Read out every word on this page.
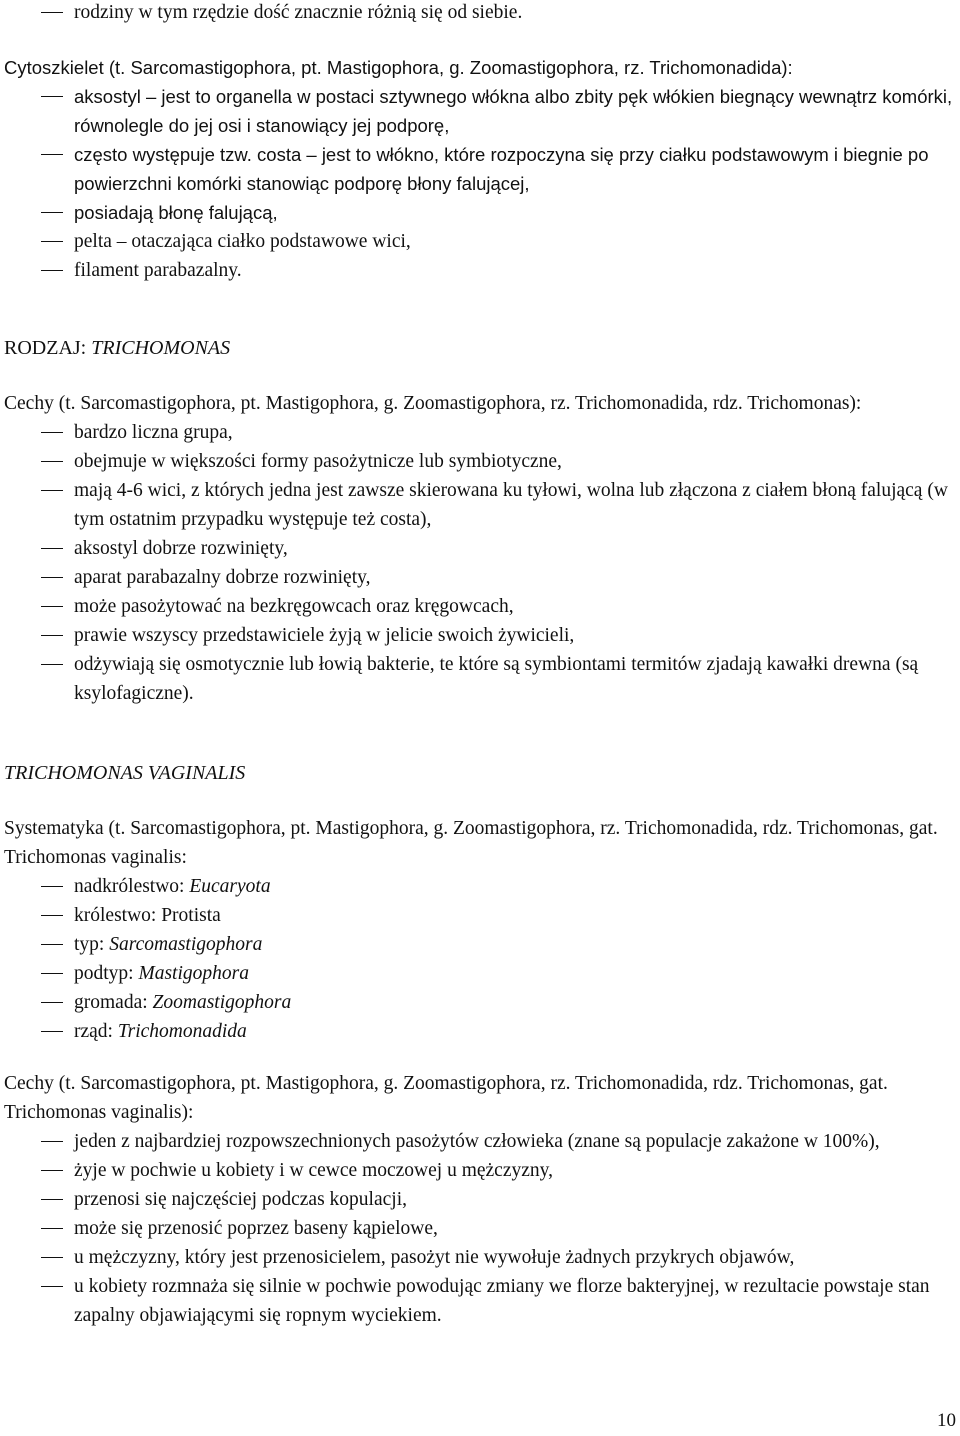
rodziny w tym rzędzie dość znacznie różnią się od siebie.
Cytoszkielet (t. Sarcomastigophora, pt. Mastigophora, g. Zoomastigophora, rz. Trichomonadida):
aksostyl – jest to organella w postaci sztywnego włókna albo zbity pęk włókien biegnący wewnątrz komórki, równolegle do jej osi i stanowiący jej podporę,
często występuje tzw. costa – jest to włókno, które rozpoczyna się przy ciałku podstawowym i biegnie po powierzchni komórki stanowiąc podporę błony falującej,
posiadają błonę falującą,
pelta – otaczająca ciałko podstawowe wici,
filament parabazalny.
RODZAJ: TRICHOMONAS
Cechy (t. Sarcomastigophora, pt. Mastigophora, g. Zoomastigophora, rz. Trichomonadida, rdz. Trichomonas):
bardzo liczna grupa,
obejmuje w większości formy pasożytnicze lub symbiotyczne,
mają 4-6 wici, z których jedna jest zawsze skierowana ku tyłowi, wolna lub złączona z ciałem błoną falującą (w tym ostatnim przypadku występuje też costa),
aksostyl dobrze rozwinięty,
aparat parabazalny dobrze rozwinięty,
może pasożytować na bezkręgowcach oraz kręgowcach,
prawie wszyscy przedstawiciele żyją w jelicie swoich żywicieli,
odżywiają się osmotycznie lub łowią bakterie, te które są symbiontami termitów zjadają kawałki drewna (są ksylofagiczne).
TRICHOMONAS VAGINALIS
Systematyka (t. Sarcomastigophora, pt. Mastigophora, g. Zoomastigophora, rz. Trichomonadida, rdz. Trichomonas, gat. Trichomonas vaginalis:
nadkrólestwo: Eucaryota
królestwo: Protista
typ: Sarcomastigophora
podtyp: Mastigophora
gromada: Zoomastigophora
rząd: Trichomonadida
Cechy (t. Sarcomastigophora, pt. Mastigophora, g. Zoomastigophora, rz. Trichomonadida, rdz. Trichomonas, gat. Trichomonas vaginalis):
jeden z najbardziej rozpowszechnionych pasożytów człowieka (znane są populacje zakażone w 100%),
żyje w pochwie u kobiety i w cewce moczowej u mężczyzny,
przenosi się najczęściej podczas kopulacji,
może się przenosić poprzez baseny kąpielowe,
u mężczyzny, który jest przenosicielem, pasożyt nie wywołuje żadnych przykrych objawów,
u kobiety rozmnaża się silnie w pochwie powodując zmiany we florze bakteryjnej, w rezultacie powstaje stan zapalny objawiającymi się ropnym wyciekiem.
10
